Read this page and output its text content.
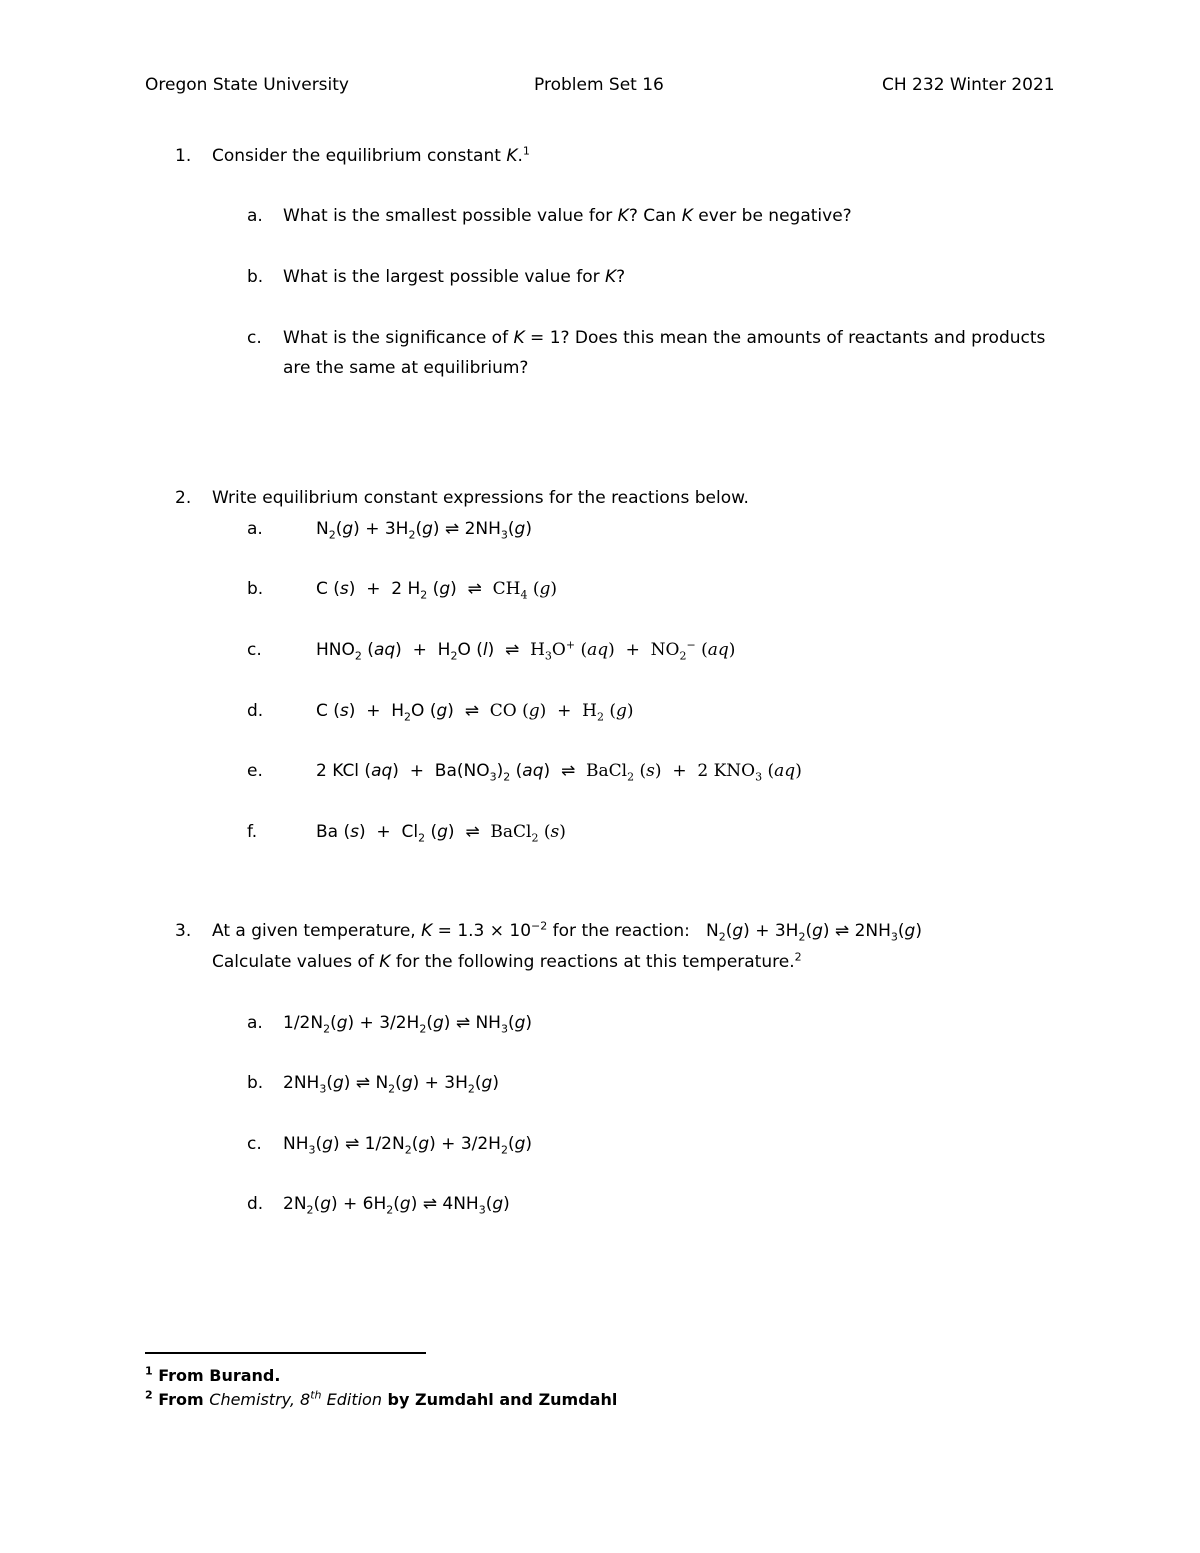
Oregon State University	Problem Set 16	CH 232 Winter 2021
1. Consider the equilibrium constant K.$^1$
a. What is the smallest possible value for K? Can K ever be negative?
b. What is the largest possible value for K?
c. What is the significance of K = 1? Does this mean the amounts of reactants and products
are the same at equilibrium?
2. Write equilibrium constant expressions for the reactions below.
a.	$N_2(g) + 3H_2(g)$ ⇌ $2NH_3(g)$
b.	C (s)  +  2 $H_2$ (g)  ⇌  $CH_4$ (g)
c.	$HNO_2$ $(aq) + H_2O$ (l)  ⇌  $H_3O^+$ $(aq) + NO_2^-$ (aq)
d.	C $(s) + H_2O$ (g)  ⇌  CO $(g) + H_2$ (g)
e.	2 KCl $(aq) + Ba(NO_3)_2$ (aq)  ⇌  BaCl$_2$ (s)  +  2 $KNO_3$ (aq)
f.	Ba $(s) + Cl_2$ (g)  ⇌  BaCl$_2$ (s)
3. At a given temperature, $K = 1.3 \times 10^{-2}$ for the reaction: $N_2(g) + 3H_2(g)$ ⇌ $2NH_3(g)$
Calculate values of K for the following reactions at this temperature.$^2$
a. $1/2N_2(g) + 3/2H_2(g)$ ⇌ $NH_3(g)$
b. $2NH_3(g)$ ⇌ $N_2(g) + 3H_2(g)$
c. $NH_3(g)$ ⇌ $1/2N_2(g) + 3/2H_2(g)$
d. $2N_2(g) + 6H_2(g)$ ⇌ $4NH_3(g)$
$^1$ From Burand.
$^2$ From Chemistry, 8th Edition by Zumdahl and Zumdahl
